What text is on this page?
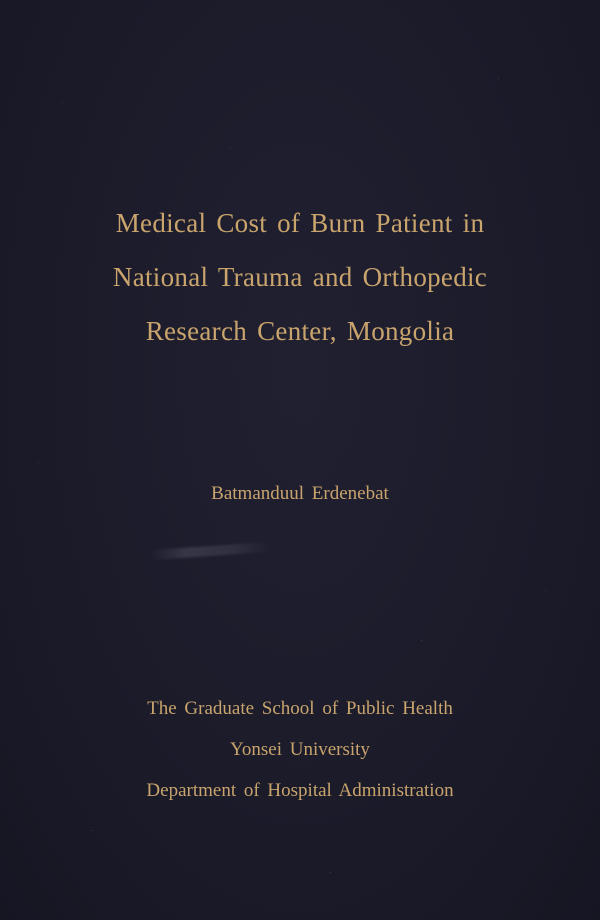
Medical Cost of Burn Patient in
National Trauma and Orthopedic
Research Center, Mongolia

Batmanduul Erdenebat

The Graduate School of Public Health
Yonsei University
Department of Hospital Administration
